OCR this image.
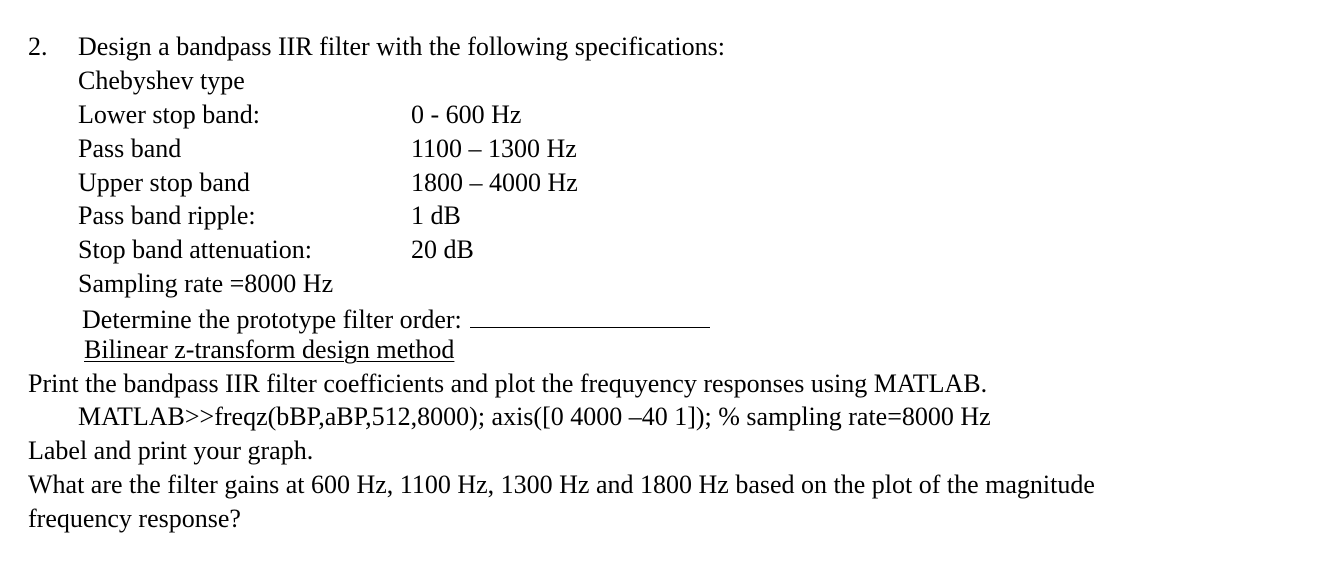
2. Design a bandpass IIR filter with the following specifications:
Chebyshev type
Lower stop band:	0 - 600 Hz
Pass band	1100 – 1300 Hz
Upper stop band	1800 – 4000 Hz
Pass band ripple:	1 dB
Stop band attenuation:	20 dB
Sampling rate =8000 Hz
Determine the prototype filter order:
Bilinear z-transform design method
Print the bandpass IIR filter coefficients and plot the frequyency responses using MATLAB.
MATLAB>>freqz(bBP,aBP,512,8000); axis([0 4000 –40 1]); % sampling rate=8000 Hz
Label and print your graph.
What are the filter gains at 600 Hz, 1100 Hz, 1300 Hz and 1800 Hz based on the plot of the magnitude
frequency response?
